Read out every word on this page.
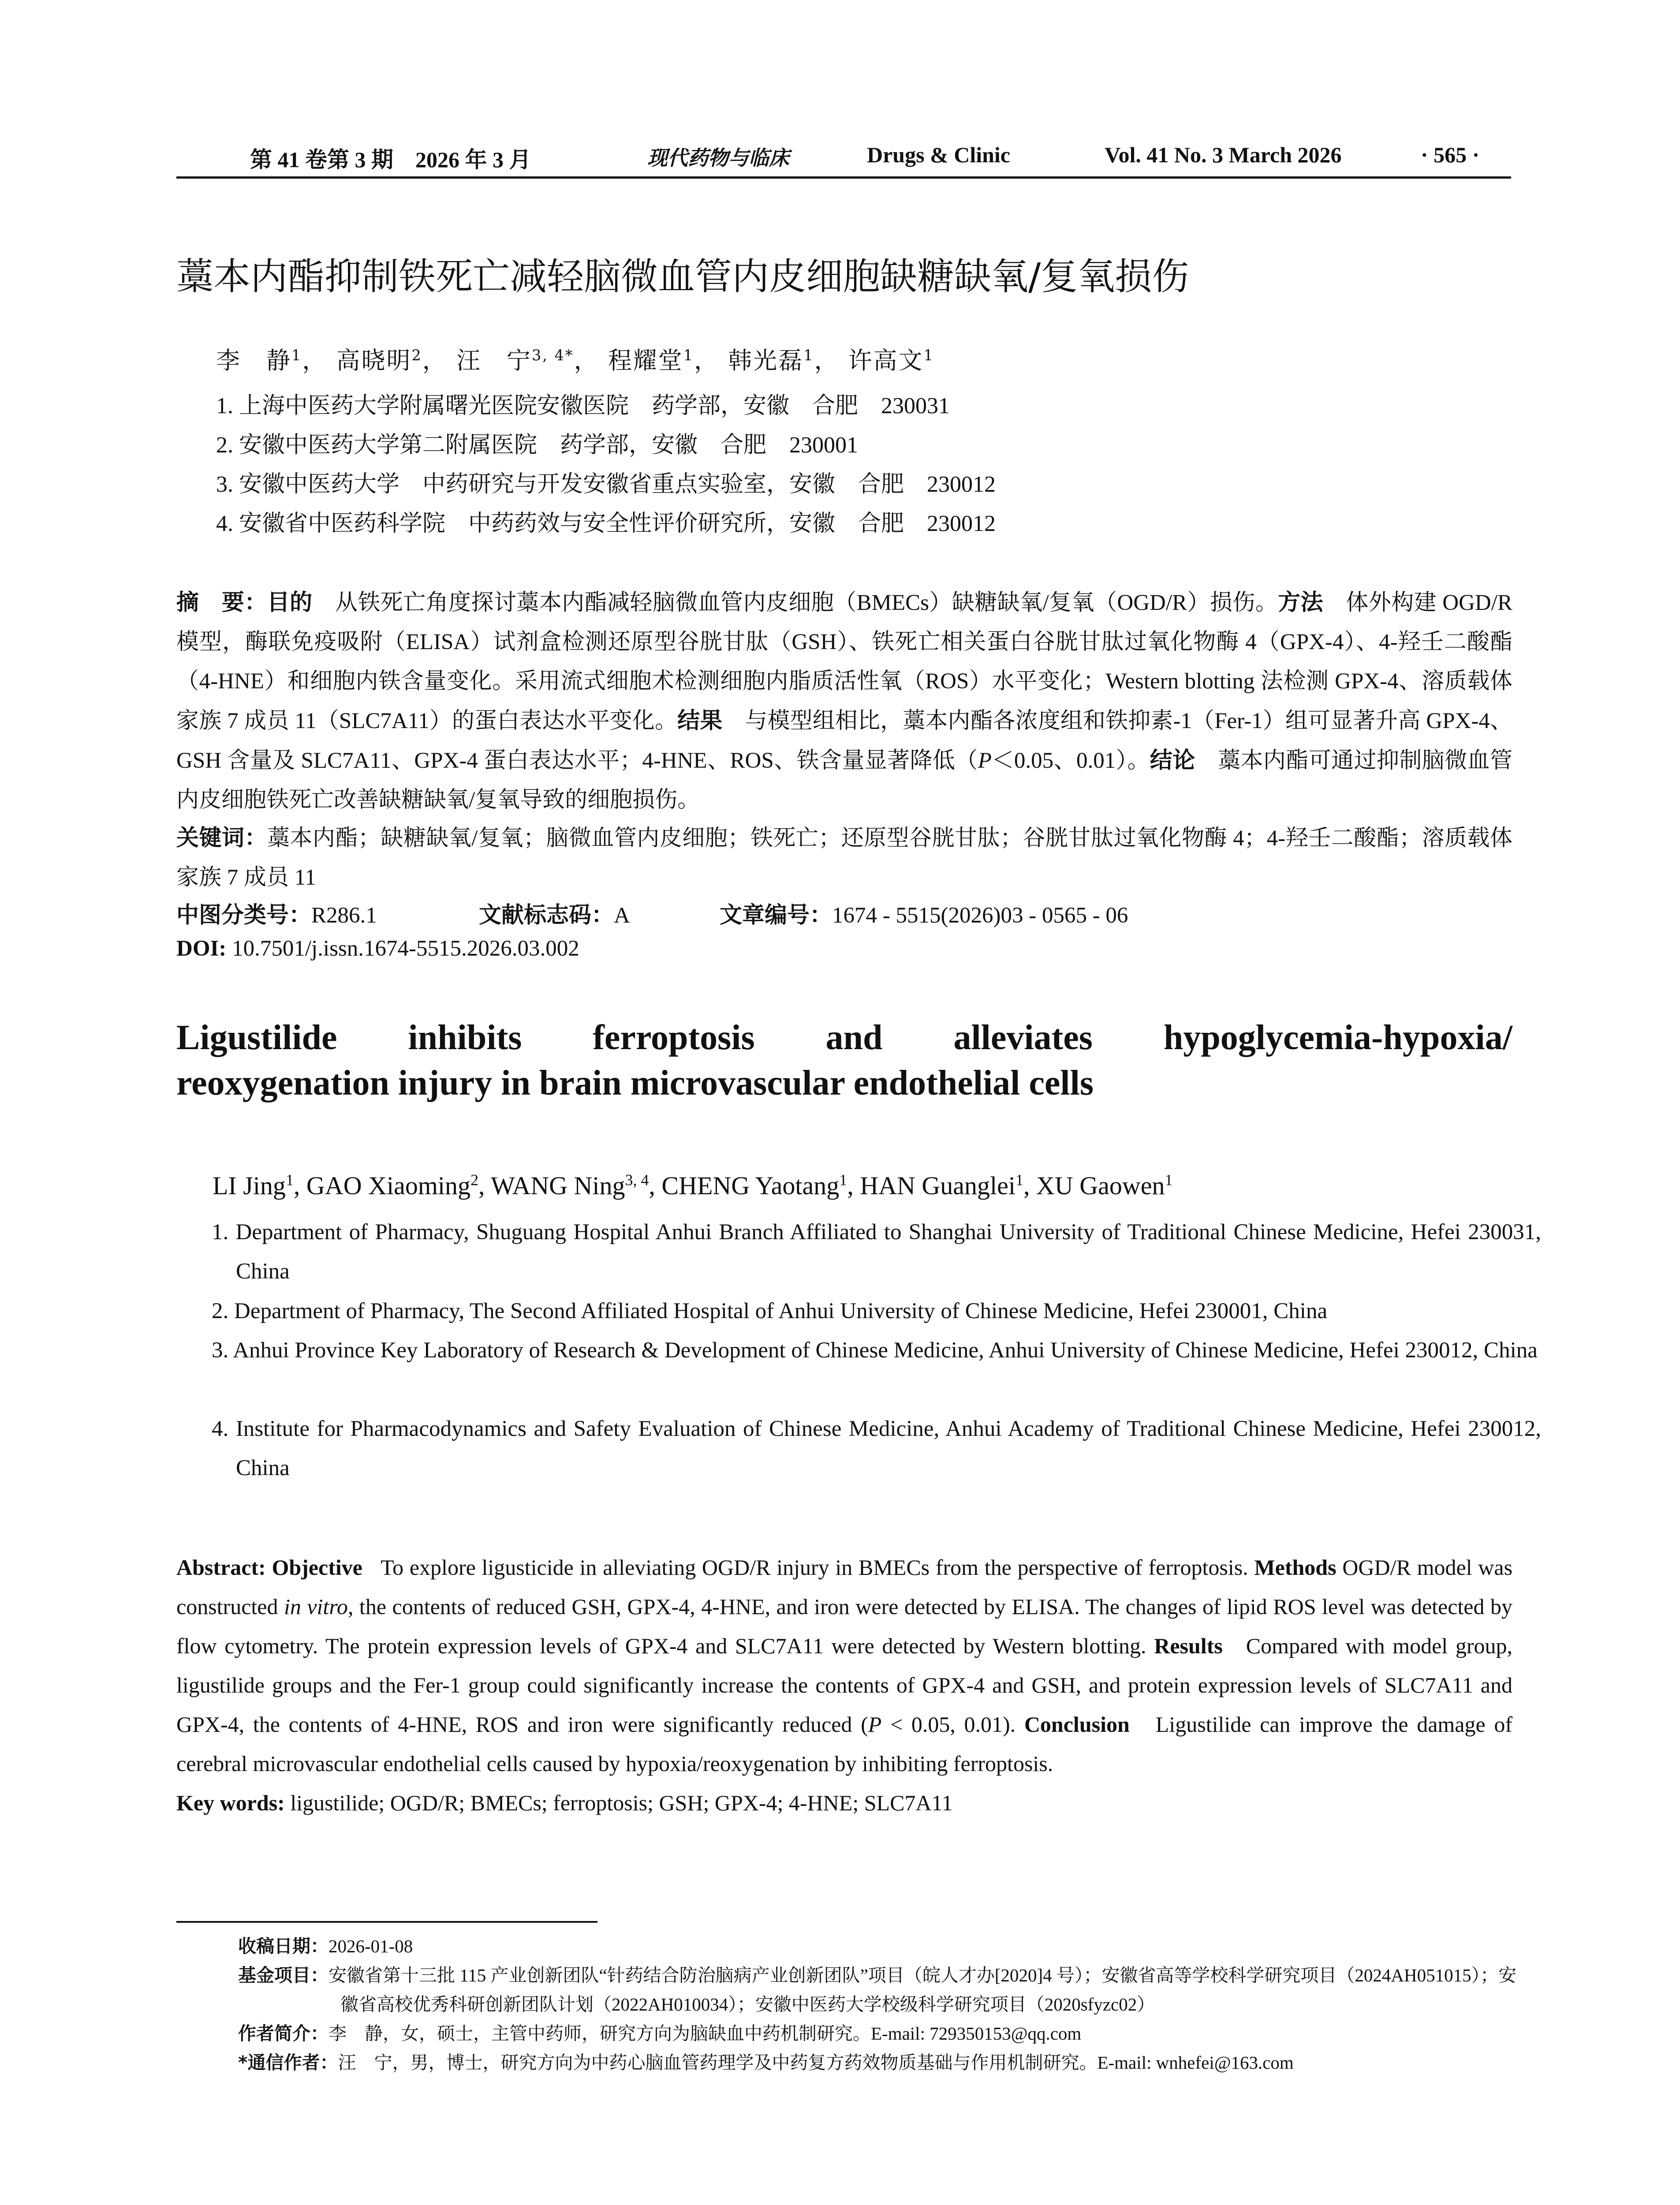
第 41 卷第 3 期　2026 年 3 月	现代药物与临床	Drugs & Clinic	Vol. 41 No. 3 March 2026	· 565 ·
藁本内酯抑制铁死亡减轻脑微血管内皮细胞缺糖缺氧/复氧损伤
李　静$^1$， 高晓明$^2$， 汪　宁$^{3, 4*}$， 程耀堂$^1$， 韩光磊$^1$， 许高文$^1$
1. 上海中医药大学附属曙光医院安徽医院　药学部，安徽　合肥　230031
2. 安徽中医药大学第二附属医院　药学部，安徽　合肥　230001
3. 安徽中医药大学　中药研究与开发安徽省重点实验室，安徽　合肥　230012
4. 安徽省中医药科学院　中药药效与安全性评价研究所，安徽　合肥　230012
摘　要：目的　 从铁死亡角度探讨藁本内酯减轻脑微血管内皮细胞（BMECs）缺糖缺氧/复氧（OGD/R）损伤。方法　 体外构建 OGD/R 模型，酶联免疫吸附（ELISA）试剂盒检测还原型谷胱甘肽（GSH）、铁死亡相关蛋白谷胱甘肽过氧化物酶 4（GPX-4）、4-羟壬二酸酯（4-HNE）和细胞内铁含量变化。采用流式细胞术检测细胞内脂质活性氧（ROS）水平变化；Western blotting 法检测 GPX-4、溶质载体家族 7 成员 11（SLC7A11）的蛋白表达水平变化。结果　 与模型组相比，藁本内酯各浓度组和铁抑素-1（Fer-1）组可显著升高 GPX-4、GSH 含量及 SLC7A11、GPX-4 蛋白表达水平；4-HNE、ROS、铁含量显著降低（P＜0.05、0.01）。结论　 藁本内酯可通过抑制脑微血管内皮细胞铁死亡改善缺糖缺氧/复氧导致的细胞损伤。
关键词：藁本内酯；缺糖缺氧/复氧；脑微血管内皮细胞；铁死亡；还原型谷胱甘肽；谷胱甘肽过氧化物酶 4；4-羟壬二酸酯；溶质载体家族 7 成员 11
中图分类号：R286.1	文献标志码：A	文章编号：1674 - 5515(2026)03 - 0565 - 06
DOI: 10.7501/j.issn.1674-5515.2026.03.002
Ligustilide inhibits ferroptosis and alleviates hypoglycemia-hypoxia/
reoxygenation injury in brain microvascular endothelial cells
LI Jing$^1$, GAO Xiaoming$^2$, WANG Ning$^{3, 4}$, CHENG Yaotang$^1$, HAN Guanglei$^1$, XU Gaowen$^1$
1. Department of Pharmacy, Shuguang Hospital Anhui Branch Affiliated to Shanghai University of Traditional Chinese Medicine, Hefei 230031, China
2. Department of Pharmacy, The Second Affiliated Hospital of Anhui University of Chinese Medicine, Hefei 230001, China
3. Anhui Province Key Laboratory of Research & Development of Chinese Medicine, Anhui University of Chinese Medicine, Hefei 230012, China
4. Institute for Pharmacodynamics and Safety Evaluation of Chinese Medicine, Anhui Academy of Traditional Chinese Medicine, Hefei 230012, China
Abstract: Objective To explore ligusticide in alleviating OGD/R injury in BMECs from the perspective of ferroptosis. Methods OGD/R model was constructed in vitro, the contents of reduced GSH, GPX-4, 4-HNE, and iron were detected by ELISA. The changes of lipid ROS level was detected by flow cytometry. The protein expression levels of GPX-4 and SLC7A11 were detected by Western blotting. Results Compared with model group, ligustilide groups and the Fer-1 group could significantly increase the contents of GPX-4 and GSH, and protein expression levels of SLC7A11 and GPX-4, the contents of 4-HNE, ROS and iron were significantly reduced (P < 0.05, 0.01). Conclusion Ligustilide can improve the damage of cerebral microvascular endothelial cells caused by hypoxia/reoxygenation by inhibiting ferroptosis.
Key words: ligustilide; OGD/R; BMECs; ferroptosis; GSH; GPX-4; 4-HNE; SLC7A11
收稿日期：2026-01-08
基金项目：安徽省第十三批 115 产业创新团队“针药结合防治脑病产业创新团队”项目（皖人才办[2020]4 号）；安徽省高等学校科学研究项目（2024AH051015）；安徽省高校优秀科研创新团队计划（2022AH010034）；安徽中医药大学校级科学研究项目（2020sfyzc02）
作者简介：李　静，女，硕士，主管中药师，研究方向为脑缺血中药机制研究。E-mail: 729350153@qq.com
*通信作者：汪　宁，男，博士，研究方向为中药心脑血管药理学及中药复方药效物质基础与作用机制研究。E-mail: wnhefei@163.com
